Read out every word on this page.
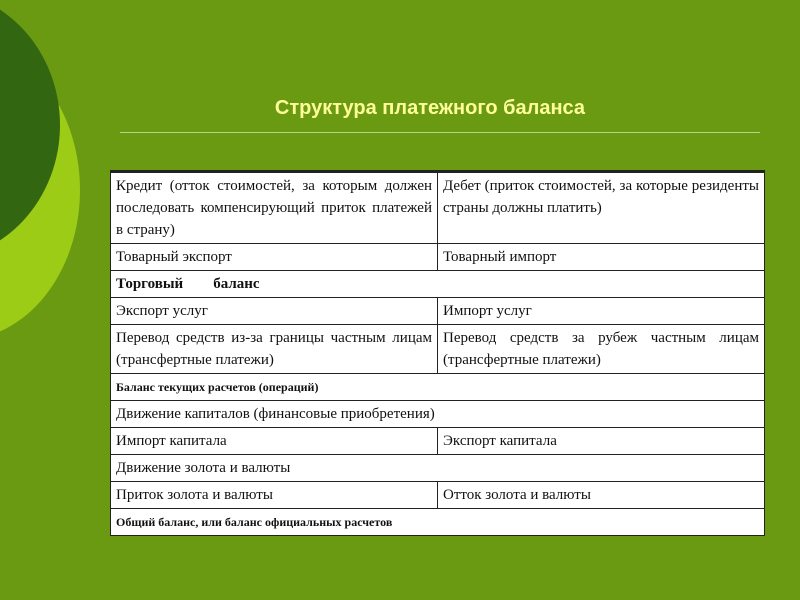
Структура платежного баланса
Кредит (отток стоимостей, за которым должен последовать компенсирующий приток платежей в страну)	Дебет (приток стоимостей, за которые резиденты страны должны платить)
Товарный экспорт	Товарный импорт
Торговый        баланс	
Экспорт услуг	Импорт услуг
Перевод средств из-за границы частным лицам (трансфертные платежи)	Перевод средств за рубеж частным лицам (трансфертные платежи)
Баланс текущих расчетов (операций)	
Движение капиталов (финансовые приобретения)	
Импорт капитала	Экспорт капитала
Движение золота и валюты	
Приток золота и валюты	Отток золота и валюты
Общий баланс, или баланс официальных расчетов	
